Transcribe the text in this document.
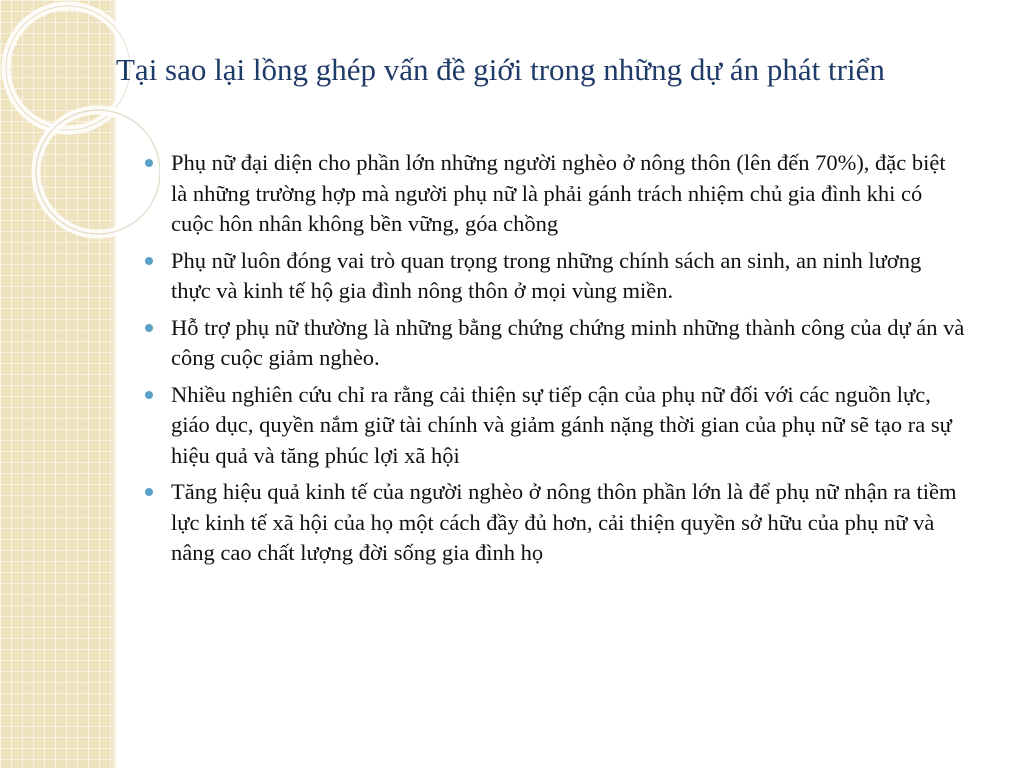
Tại sao lại lồng ghép vấn đề giới trong những dự án phát triển
Phụ nữ đại diện cho phần lớn những người nghèo ở nông thôn (lên đến 70%), đặc biệt là những trường hợp mà người phụ nữ là phải gánh trách nhiệm chủ gia đình khi có cuộc hôn nhân không bền vững, góa chồng
Phụ nữ luôn đóng vai trò quan trọng trong những chính sách an sinh, an ninh lương thực và kinh tế hộ gia đình nông thôn ở mọi vùng miền.
Hỗ trợ phụ nữ thường là những bằng chứng chứng minh những thành công của dự án và công cuộc giảm nghèo.
Nhiều nghiên cứu chỉ ra rằng cải thiện sự tiếp cận của phụ nữ đối với các nguồn lực, giáo dục, quyền nắm giữ tài chính và giảm gánh nặng thời gian của phụ nữ sẽ tạo ra sự hiệu quả và tăng phúc lợi xã hội
Tăng hiệu quả kinh tế của người nghèo ở nông thôn phần lớn là để phụ nữ nhận ra tiềm lực kinh tế xã hội của họ một cách đầy đủ hơn, cải thiện quyền sở hữu của phụ nữ và nâng cao chất lượng đời sống gia đình họ
